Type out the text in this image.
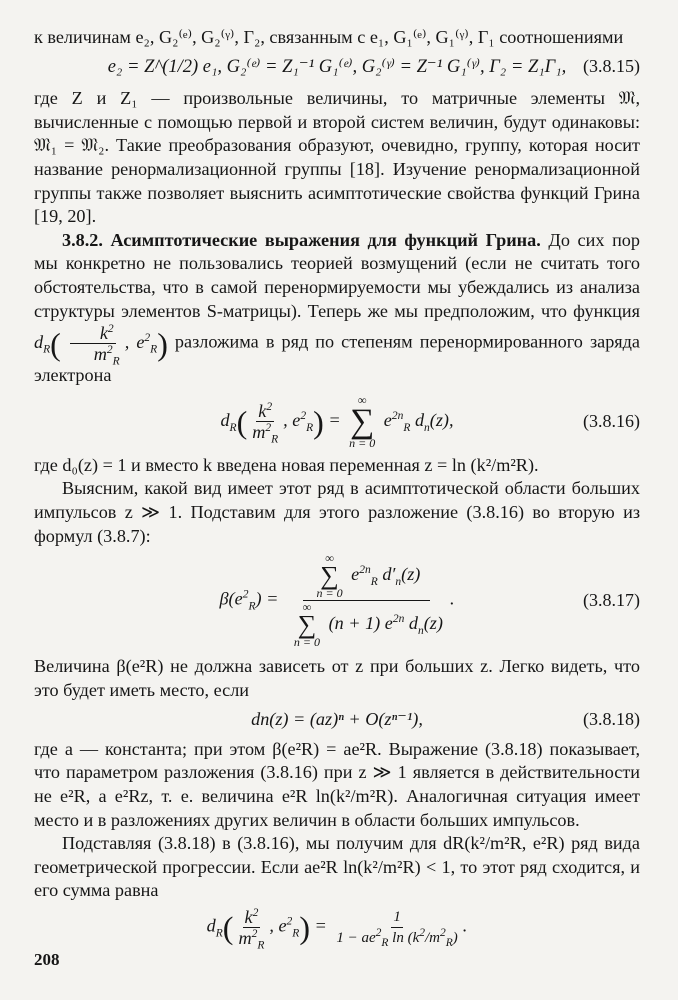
к величинам e₂, G₂⁽ᵉ⁾, G₂⁽ᵞ⁾, Γ₂, связанным с e₁, G₁⁽ᵉ⁾, G₁⁽ᵞ⁾, Γ₁ соотношениями

e₂ = Z^(1/2) e₁, G₂⁽ᵉ⁾ = Z₁⁻¹ G₁⁽ᵉ⁾, G₂⁽ᵞ⁾ = Z⁻¹ G₁⁽ᵞ⁾, Γ₂ = Z₁Γ₁, (3.8.15)

где Z и Z₁ — произвольные величины, то матричные элементы 𝔐, вычисленные с помощью первой и второй систем величин, будут одинаковы: 𝔐₁ = 𝔐₂. Такие преобразования образуют, очевидно, группу, которая носит название ренормализационной группы [18]. Изучение ренормализационной группы также позволяет выяснить асимптотические свойства функций Грина [19, 20].

3.8.2. Асимптотические выражения для функций Грина. До сих пор мы конкретно не пользовались теорией возмущений (если не считать того обстоятельства, что в самой перенормируемости мы убеждались из анализа структуры элементов S-матрицы). Теперь же мы предположим, что функция $d_R( \frac{k^2}{m^2_R}$ , $e^2_R$) разложима в ряд по степеням перенормированного заряда электрона

$d_R( \frac{k^2}{m^2_R}$ , $e^2_R$) =
∞
∑
n = 0
$e^{2n}_R$ $d_n(z)$,	(3.8.16)

где d₀(z) = 1 и вместо k введена новая переменная z = ln (k²/m²R).

Выясним, какой вид имеет этот ряд в асимптотической области больших импульсов z ≫ 1. Подставим для этого разложение (3.8.16) во вторую из формул (3.8.7):

$\beta(e^2_R)$ = ∞
∑
n = 0
$e^{2n}_R$ $d'_n(z)$
∞
∑
n = 0
(n + 1) $e^{2n}$ $d_n(z)$ .	(3.8.17)

Величина β(e²R) не должна зависеть от z при больших z. Легко видеть, что это будет иметь место, если

dn(z) = (az)ⁿ + O(zⁿ⁻¹),	(3.8.18)

где a — константа; при этом β(e²R) = ae²R. Выражение (3.8.18) показывает, что параметром разложения (3.8.16) при z ≫ 1 является в действительности не e²R, а e²Rz, т. е. величина e²R ln(k²/m²R). Аналогичная ситуация имеет место и в разложениях других величин в области больших импульсов.

Подставляя (3.8.18) в (3.8.16), мы получим для dR(k²/m²R, e²R) ряд вида геометрической прогрессии. Если ae²R ln(k²/m²R) < 1, то этот ряд сходится, и его сумма равна

$d_R( \frac{k^2}{m^2_R}$ , $e^2_R) = \frac{1}{1 - ae^2_R \ln (k^2/m^2_R)}$ .
208
